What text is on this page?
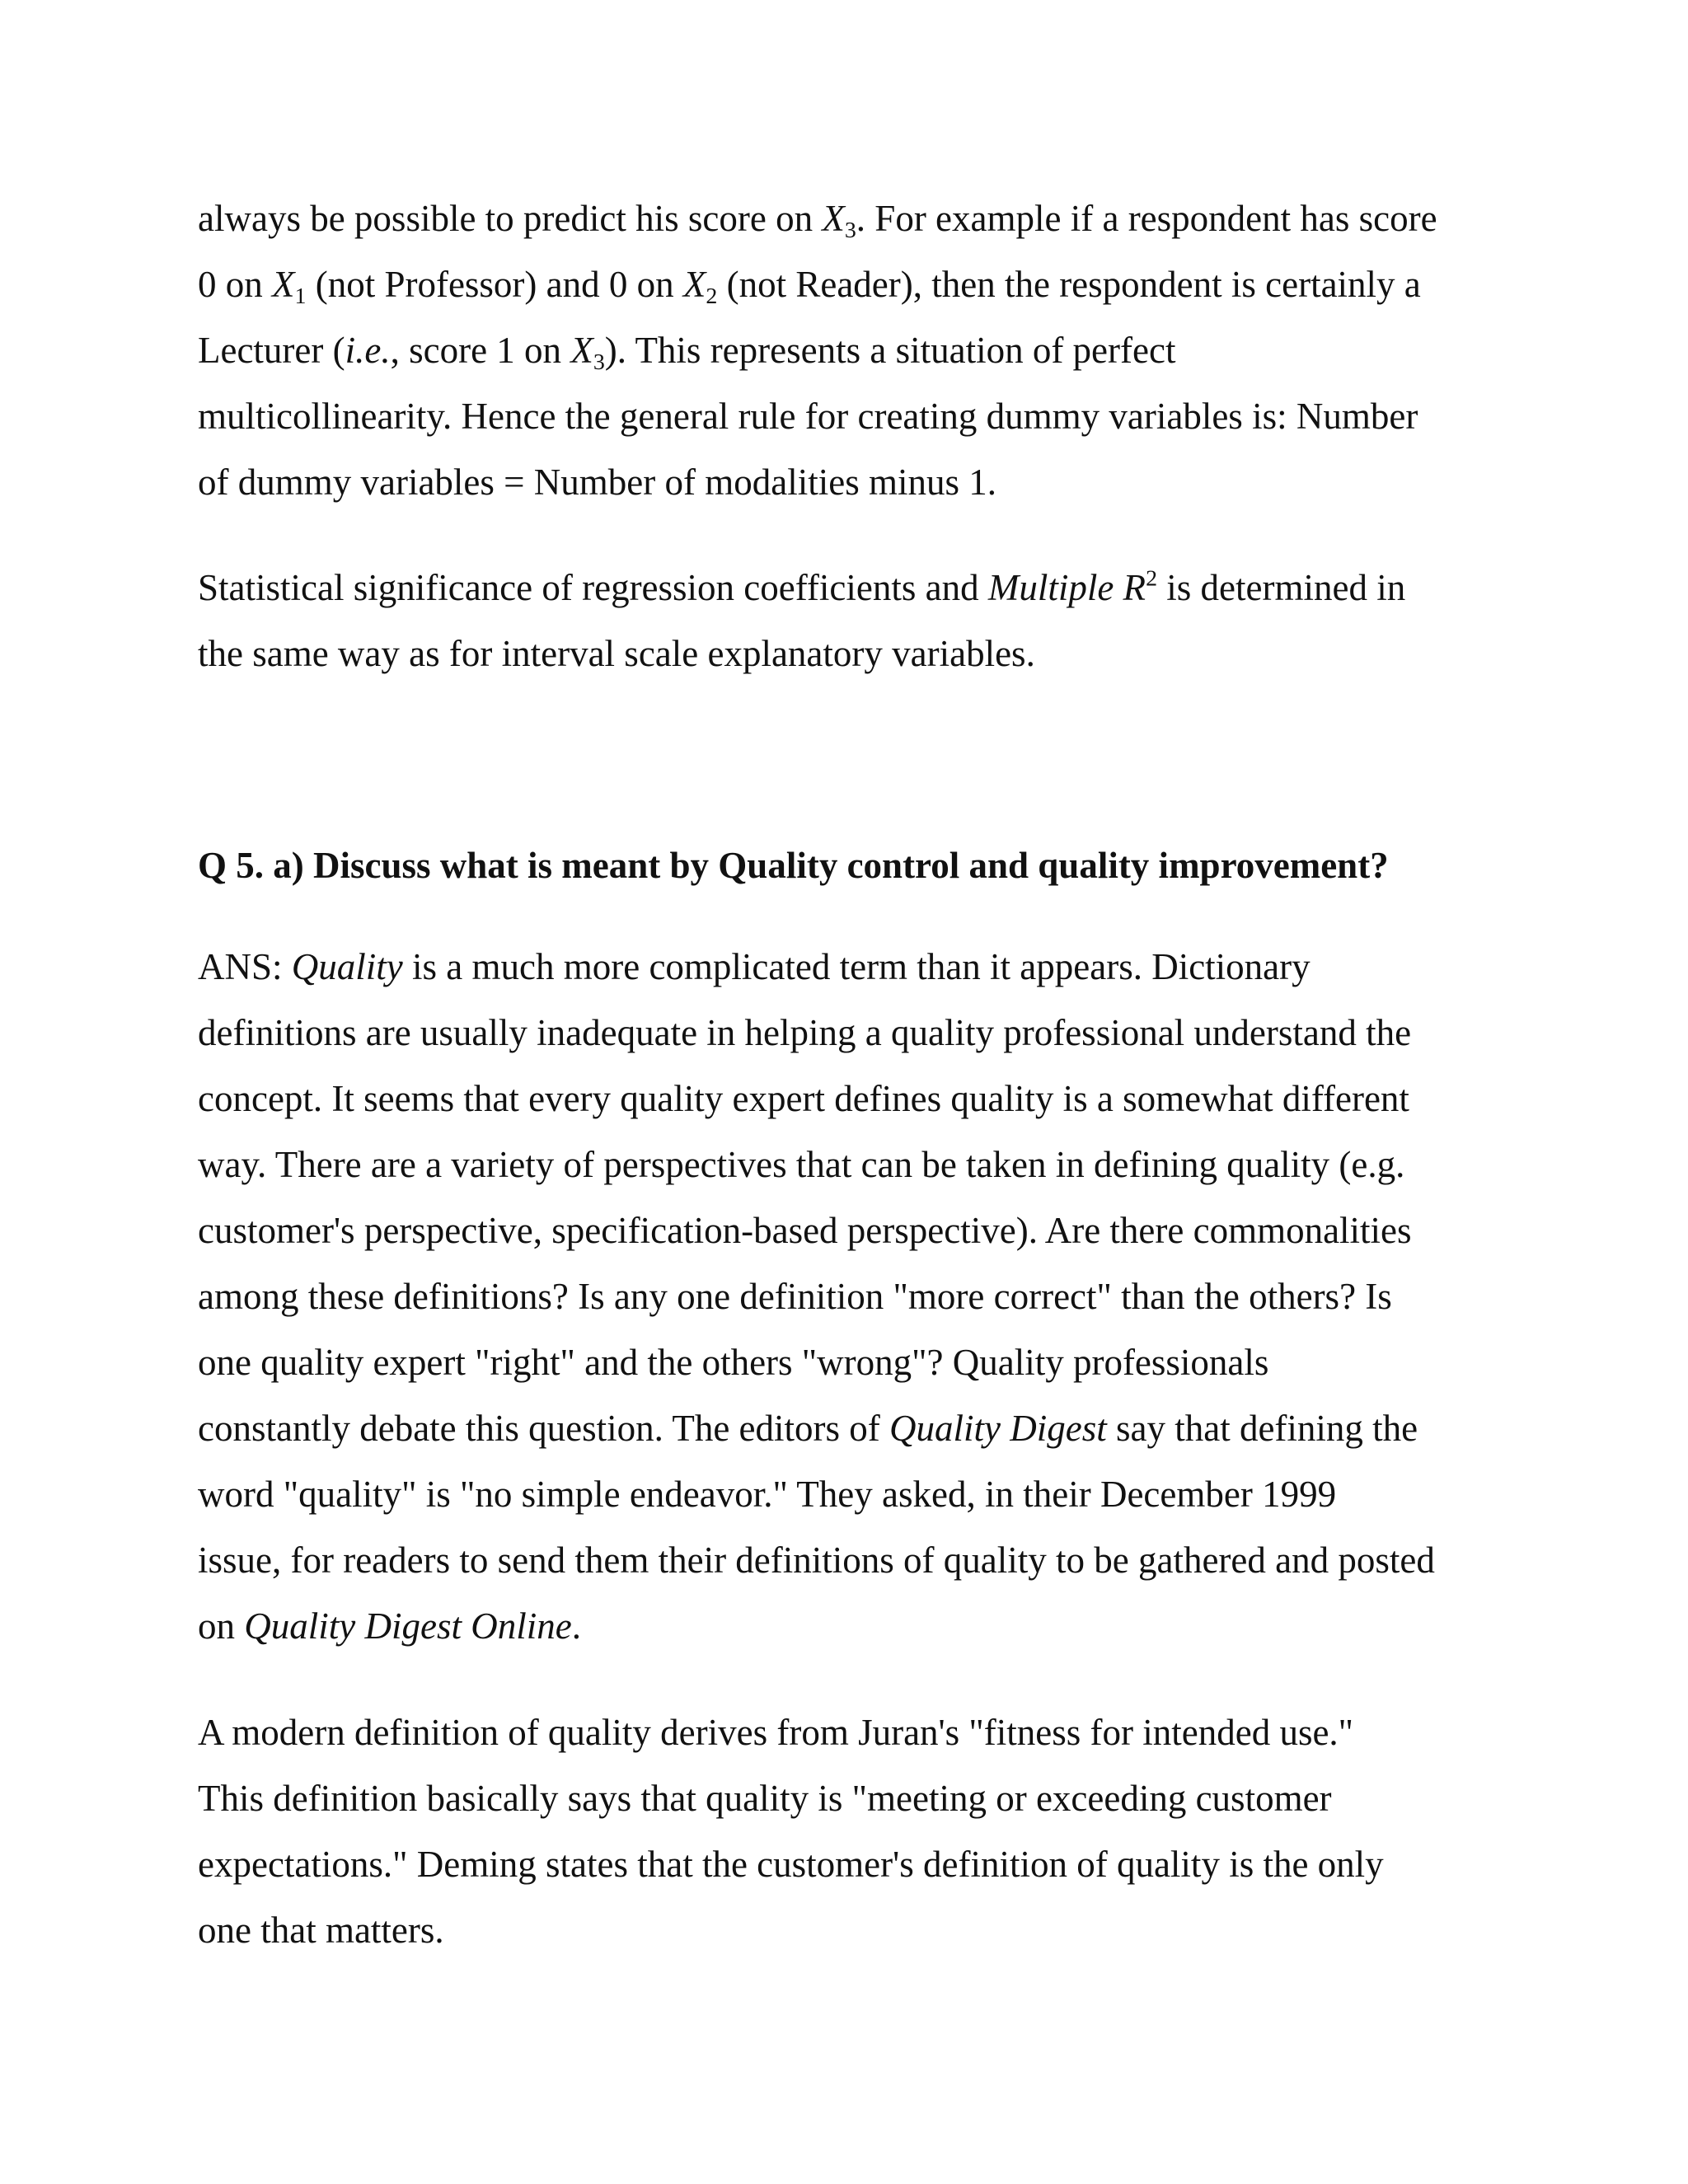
always be possible to predict his score on $X_3$. For example if a respondent has score
0 on $X_1$ (not Professor) and 0 on $X_2$ (not Reader), then the respondent is certainly a
Lecturer (i.e., score 1 on $X_3$). This represents a situation of perfect
multicollinearity. Hence the general rule for creating dummy variables is: Number
of dummy variables = Number of modalities minus 1.
Statistical significance of regression coefficients and Multiple $R^2$ is determined in
the same way as for interval scale explanatory variables.
Q 5. a) Discuss what is meant by Quality control and quality improvement?
ANS: Quality is a much more complicated term than it appears. Dictionary
definitions are usually inadequate in helping a quality professional understand the
concept. It seems that every quality expert defines quality is a somewhat different
way. There are a variety of perspectives that can be taken in defining quality (e.g.
customer's perspective, specification-based perspective). Are there commonalities
among these definitions? Is any one definition "more correct" than the others? Is
one quality expert "right" and the others "wrong"? Quality professionals
constantly debate this question. The editors of Quality Digest say that defining the
word "quality" is "no simple endeavor." They asked, in their December 1999
issue, for readers to send them their definitions of quality to be gathered and posted
on Quality Digest Online.
A modern definition of quality derives from Juran's "fitness for intended use."
This definition basically says that quality is "meeting or exceeding customer
expectations." Deming states that the customer's definition of quality is the only
one that matters.
